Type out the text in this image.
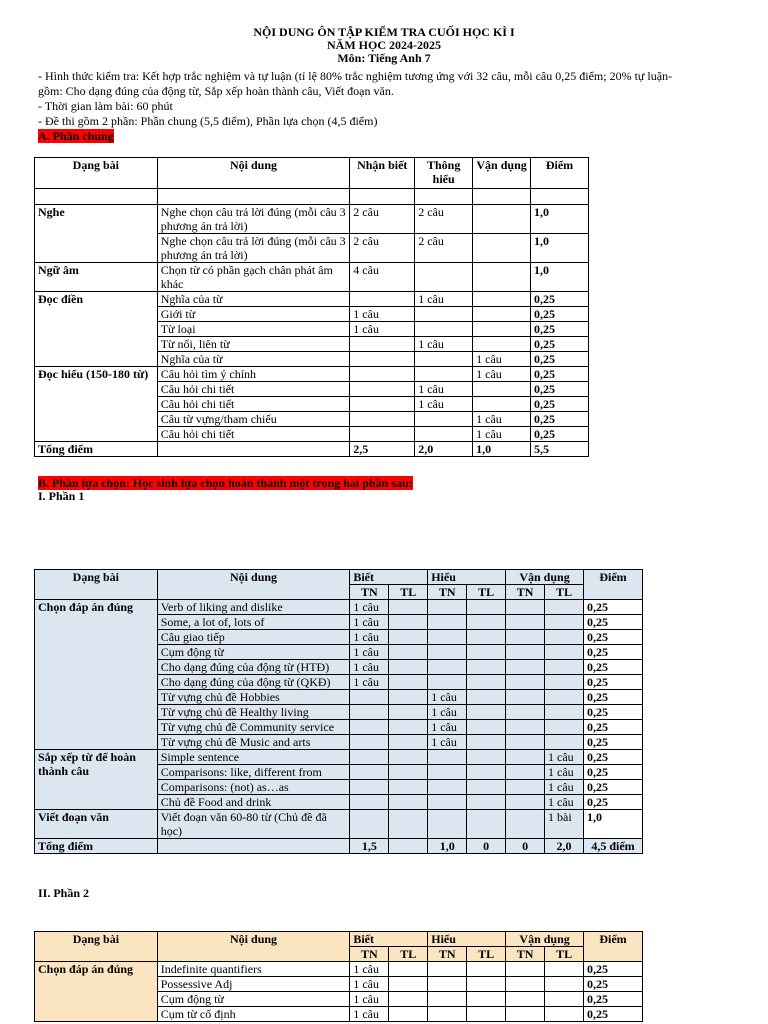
NỘI DUNG ÔN TẬP KIỂM TRA CUỐI HỌC KÌ I
NĂM HỌC 2024-2025
Môn: Tiếng Anh 7
- Hình thức kiểm tra: Kết hợp trắc nghiệm và tự luận (tỉ lệ 80% trắc nghiệm tương ứng với 32 câu, mỗi câu 0,25 điểm; 20% tự luận-
gồm: Cho dạng đúng của động từ, Sắp xếp hoàn thành câu, Viết đoạn văn.
- Thời gian làm bài: 60 phút
- Đề thi gồm 2 phần: Phần chung (5,5 điểm), Phần lựa chọn (4,5 điểm)
A. Phần chung
Dạng bài	Nội dung	Nhận biết	Thông hiểu	Vận dụng	Điểm

Nghe	Nghe chọn câu trả lời đúng (mỗi câu 3 phương án trả lời)	2 câu	2 câu		1,0
	Nghe chọn câu trả lời đúng (mỗi câu 3 phương án trả lời)	2 câu	2 câu		1,0
Ngữ âm	Chọn từ có phần gạch chân phát âm khác	4 câu			1,0
Đọc điền	Nghĩa của từ		1 câu		0,25
	Giới từ	1 câu			0,25
	Từ loại	1 câu			0,25
	Từ nối, liên từ		1 câu		0,25
	Nghĩa của từ			1 câu	0,25
Đọc hiểu (150-180 từ)	Câu hỏi tìm ý chính			1 câu	0,25
	Câu hỏi chi tiết		1 câu		0,25
	Câu hỏi chi tiết		1 câu		0,25
	Câu từ vựng/tham chiếu			1 câu	0,25
	Câu hỏi chi tiết			1 câu	0,25
Tổng điểm		2,5	2,0	1,0	5,5
B. Phần lựa chọn: Học sinh lựa chọn hoàn thành một trong hai phần sau:
I. Phần 1
Dạng bài	Nội dung	Biết		Hiểu		Vận dụng		Điểm
		TN	TL	TN	TL	TN	TL	
Chọn đáp án đúng	Verb of liking and dislike	1 câu						0,25
	Some, a lot of, lots of	1 câu						0,25
	Câu giao tiếp	1 câu						0,25
	Cụm động từ	1 câu						0,25
	Cho dạng đúng của động từ (HTĐ)	1 câu						0,25
	Cho dạng đúng của động từ (QKĐ)	1 câu						0,25
	Từ vựng chủ đề Hobbies			1 câu				0,25
	Từ vựng chủ đề Healthy living			1 câu				0,25
	Từ vựng chủ đề Community service			1 câu				0,25
	Từ vựng chủ đề Music and arts			1 câu				0,25
Sắp xếp từ để hoàn thành câu	Simple sentence						1 câu	0,25
	Comparisons: like, different from						1 câu	0,25
	Comparisons: (not) as…as						1 câu	0,25
	Chủ đề Food and drink						1 câu	0,25
Viết đoạn văn	Viết đoạn văn 60-80 từ (Chủ đề đã học)						1 bài	1,0
Tổng điểm		1,5		1,0	0	0	2,0	4,5 điểm
II. Phần 2
Dạng bài	Nội dung	Biết		Hiểu		Vận dụng		Điểm
		TN	TL	TN	TL	TN	TL	
Chọn đáp án đúng	Indefinite quantifiers	1 câu						0,25
	Possessive Adj	1 câu						0,25
	Cụm động từ	1 câu						0,25
	Cụm từ cố định	1 câu						0,25
